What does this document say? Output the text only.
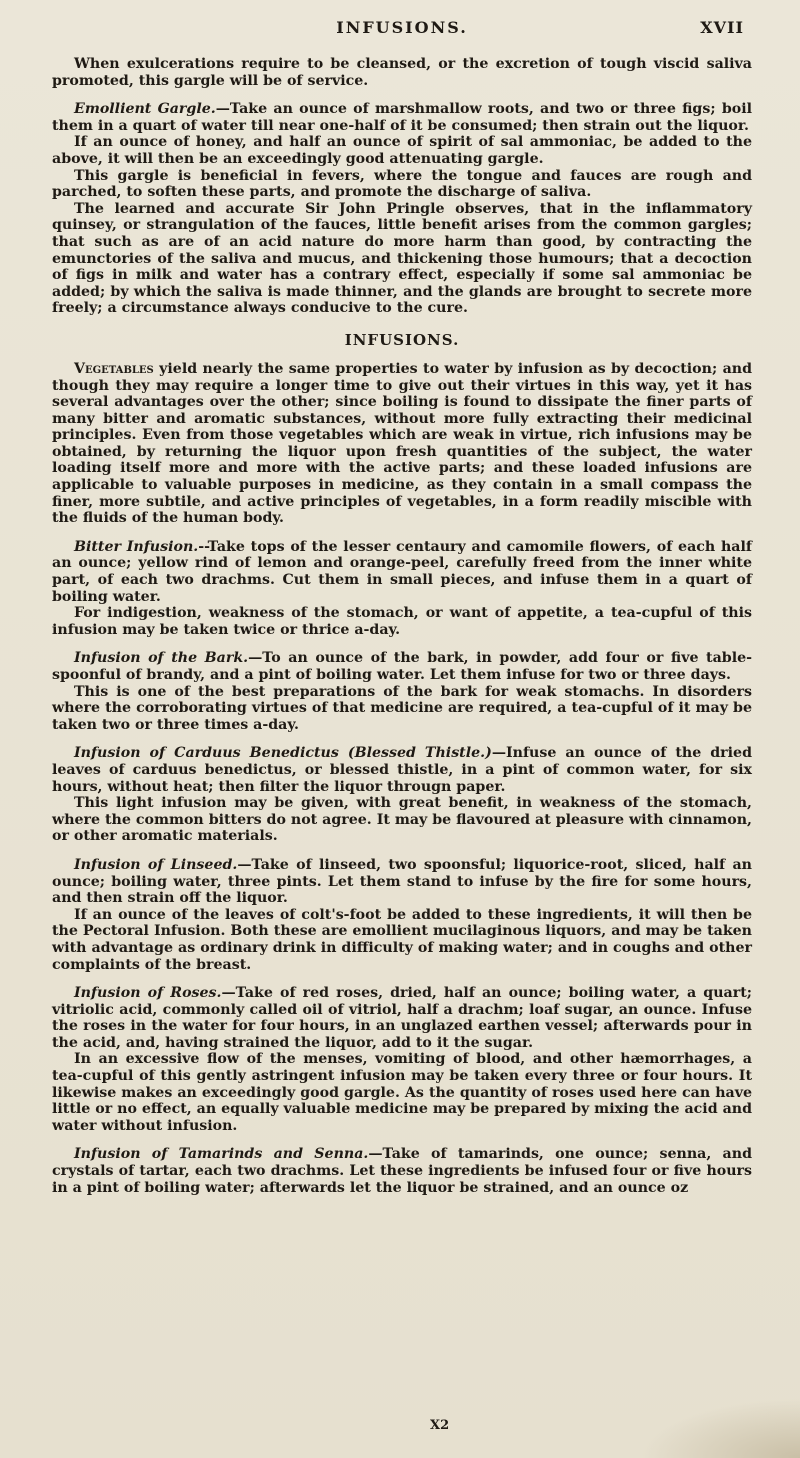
INFUSIONS.	XVII

When exulcerations require to be cleansed, or the excretion of tough viscid saliva promoted, this gargle will be of service.

Emollient Gargle.—Take an ounce of marshmallow roots, and two or three figs; boil them in a quart of water till near one-half of it be consumed; then strain out the liquor.

If an ounce of honey, and half an ounce of spirit of sal ammoniac, be added to the above, it will then be an exceedingly good attenuating gargle.

This gargle is beneficial in fevers, where the tongue and fauces are rough and parched, to soften these parts, and promote the discharge of saliva.

The learned and accurate Sir John Pringle observes, that in the inflammatory quinsey, or strangulation of the fauces, little benefit arises from the common gargles; that such as are of an acid nature do more harm than good, by contracting the emunctories of the saliva and mucus, and thickening those humours; that a decoction of figs in milk and water has a contrary effect, especially if some sal ammoniac be added; by which the saliva is made thinner, and the glands are brought to secrete more freely; a circumstance always conducive to the cure.

INFUSIONS.

Vegetables yield nearly the same properties to water by infusion as by decoction; and though they may require a longer time to give out their virtues in this way, yet it has several advantages over the other; since boiling is found to dissipate the finer parts of many bitter and aromatic substances, without more fully extracting their medicinal principles. Even from those vegetables which are weak in virtue, rich infusions may be obtained, by returning the liquor upon fresh quantities of the subject, the water loading itself more and more with the active parts; and these loaded infusions are applicable to valuable purposes in medicine, as they contain in a small compass the finer, more subtile, and active principles of vegetables, in a form readily miscible with the fluids of the human body.

Bitter Infusion.--Take tops of the lesser centaury and camomile flowers, of each half an ounce; yellow rind of lemon and orange-peel, carefully freed from the inner white part, of each two drachms. Cut them in small pieces, and infuse them in a quart of boiling water.

For indigestion, weakness of the stomach, or want of appetite, a tea-cupful of this infusion may be taken twice or thrice a-day.

Infusion of the Bark.—To an ounce of the bark, in powder, add four or five table-spoonful of brandy, and a pint of boiling water. Let them infuse for two or three days.

This is one of the best preparations of the bark for weak stomachs. In disorders where the corroborating virtues of that medicine are required, a tea-cupful of it may be taken two or three times a-day.

Infusion of Carduus Benedictus (Blessed Thistle.)—Infuse an ounce of the dried leaves of carduus benedictus, or blessed thistle, in a pint of common water, for six hours, without heat; then filter the liquor througn paper.

This light infusion may be given, with great benefit, in weakness of the stomach, where the common bitters do not agree. It may be flavoured at pleasure with cinnamon, or other aromatic materials.

Infusion of Linseed.—Take of linseed, two spoonsful; liquorice-root, sliced, half an ounce; boiling water, three pints. Let them stand to infuse by the fire for some hours, and then strain off the liquor.

If an ounce of the leaves of colt's-foot be added to these ingredients, it will then be the Pectoral Infusion. Both these are emollient mucilaginous liquors, and may be taken with advantage as ordinary drink in difficulty of making water; and in coughs and other complaints of the breast.

Infusion of Roses.—Take of red roses, dried, half an ounce; boiling water, a quart; vitriolic acid, commonly called oil of vitriol, half a drachm; loaf sugar, an ounce. Infuse the roses in the water for four hours, in an unglazed earthen vessel; afterwards pour in the acid, and, having strained the liquor, add to it the sugar.

In an excessive flow of the menses, vomiting of blood, and other hæmorrhages, a tea-cupful of this gently astringent infusion may be taken every three or four hours. It likewise makes an exceedingly good gargle. As the quantity of roses used here can have little or no effect, an equally valuable medicine may be prepared by mixing the acid and water without infusion.

Infusion of Tamarinds and Senna.—Take of tamarinds, one ounce; senna, and crystals of tartar, each two drachms. Let these ingredients be infused four or five hours in a pint of boiling water; afterwards let the liquor be strained, and an ounce oz

X2
